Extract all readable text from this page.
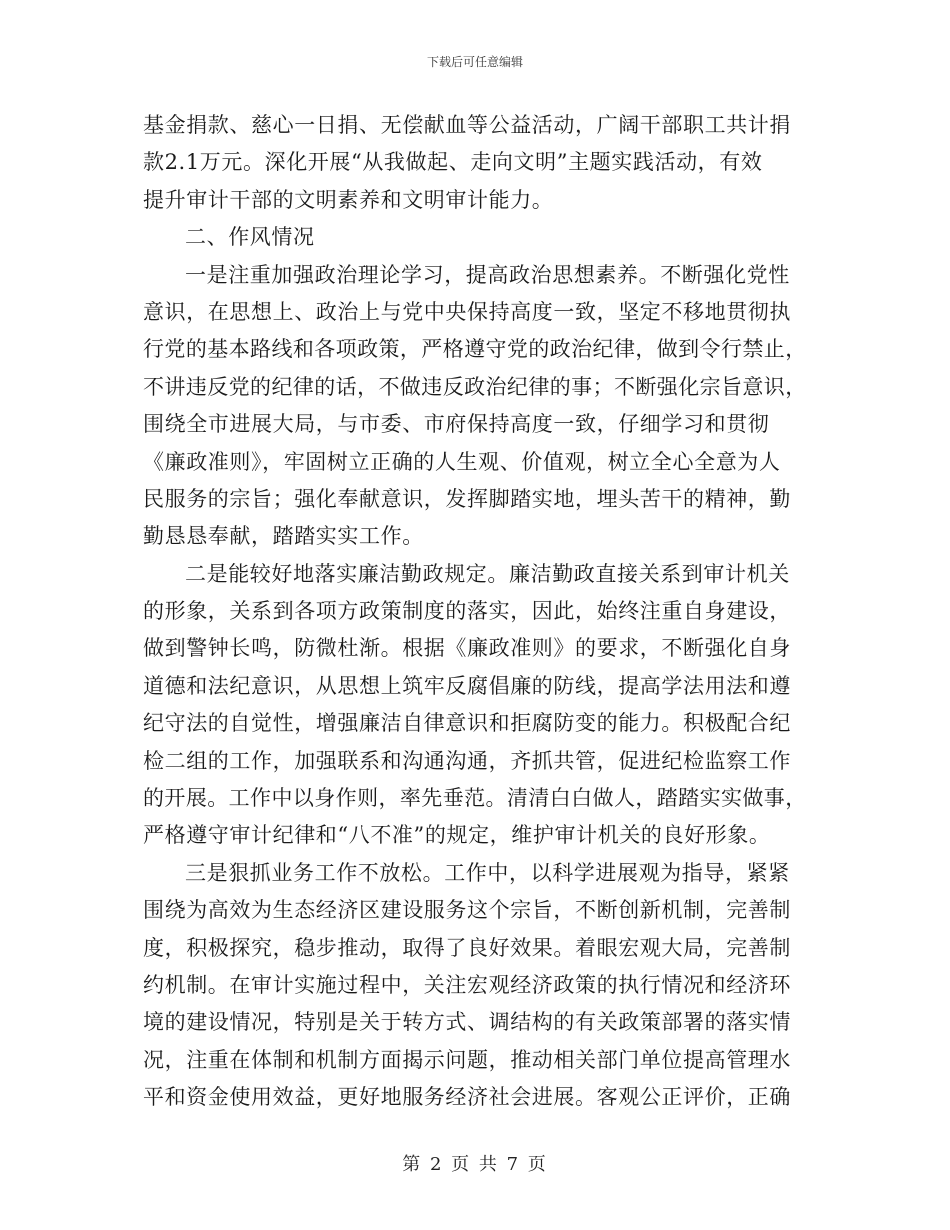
下载后可任意编辑
基金捐款、慈心一日捐、无偿献血等公益活动，广阔干部职工共计捐
款2.1万元。深化开展“从我做起、走向文明”主题实践活动，有效
提升审计干部的文明素养和文明审计能力。
二、作风情况
一是注重加强政治理论学习，提高政治思想素养。不断强化党性
意识，在思想上、政治上与党中央保持高度一致，坚定不移地贯彻执
行党的基本路线和各项政策，严格遵守党的政治纪律，做到令行禁止，
不讲违反党的纪律的话，不做违反政治纪律的事；不断强化宗旨意识，
围绕全市进展大局，与市委、市府保持高度一致，仔细学习和贯彻
《廉政准则》，牢固树立正确的人生观、价值观，树立全心全意为人
民服务的宗旨；强化奉献意识，发挥脚踏实地，埋头苦干的精神，勤
勤恳恳奉献，踏踏实实工作。
二是能较好地落实廉洁勤政规定。廉洁勤政直接关系到审计机关
的形象，关系到各项方政策制度的落实，因此，始终注重自身建设，
做到警钟长鸣，防微杜渐。根据《廉政准则》的要求，不断强化自身
道德和法纪意识，从思想上筑牢反腐倡廉的防线，提高学法用法和遵
纪守法的自觉性，增强廉洁自律意识和拒腐防变的能力。积极配合纪
检二组的工作，加强联系和沟通沟通，齐抓共管，促进纪检监察工作
的开展。工作中以身作则，率先垂范。清清白白做人，踏踏实实做事，
严格遵守审计纪律和“八不准”的规定，维护审计机关的良好形象。
三是狠抓业务工作不放松。工作中，以科学进展观为指导，紧紧
围绕为高效为生态经济区建设服务这个宗旨，不断创新机制，完善制
度，积极探究，稳步推动，取得了良好效果。着眼宏观大局，完善制
约机制。在审计实施过程中，关注宏观经济政策的执行情况和经济环
境的建设情况，特别是关于转方式、调结构的有关政策部署的落实情
况，注重在体制和机制方面揭示问题，推动相关部门单位提高管理水
平和资金使用效益，更好地服务经济社会进展。客观公正评价，正确
第 2 页 共 7 页
